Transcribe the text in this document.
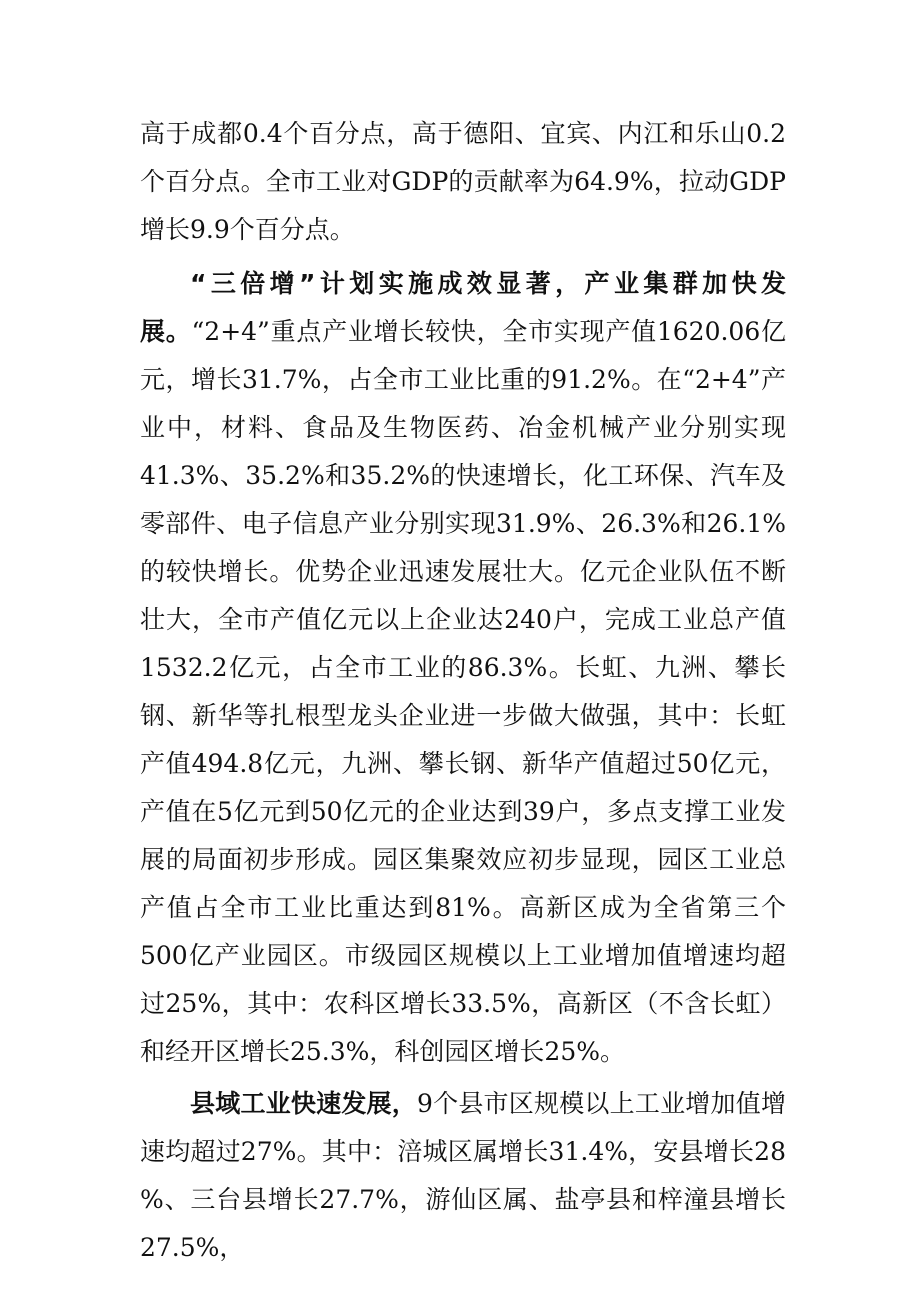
高于成都0.4个百分点，高于德阳、宜宾、内江和乐山0.2个百分点。全市工业对GDP的贡献率为64.9%，拉动GDP增长9.9个百分点。

“三倍增”计划实施成效显著，产业集群加快发展。“2+4”重点产业增长较快，全市实现产值1620.06亿元，增长31.7%，占全市工业比重的91.2%。在“2+4”产业中，材料、食品及生物医药、冶金机械产业分别实现41.3%、35.2%和35.2%的快速增长，化工环保、汽车及零部件、电子信息产业分别实现31.9%、26.3%和26.1%的较快增长。优势企业迅速发展壮大。亿元企业队伍不断壮大，全市产值亿元以上企业达240户，完成工业总产值1532.2亿元，占全市工业的86.3%。长虹、九洲、攀长钢、新华等扎根型龙头企业进一步做大做强，其中：长虹产值494.8亿元，九洲、攀长钢、新华产值超过50亿元，产值在5亿元到50亿元的企业达到39户，多点支撑工业发展的局面初步形成。园区集聚效应初步显现，园区工业总产值占全市工业比重达到81%。高新区成为全省第三个500亿产业园区。市级园区规模以上工业增加值增速均超过25%，其中：农科区增长33.5%，高新区（不含长虹）和经开区增长25.3%，科创园区增长25%。

县域工业快速发展，9个县市区规模以上工业增加值增速均超过27%。其中：涪城区属增长31.4%，安县增长28 %、三台县增长27.7%，游仙区属、盐亭县和梓潼县增长27.5%，
